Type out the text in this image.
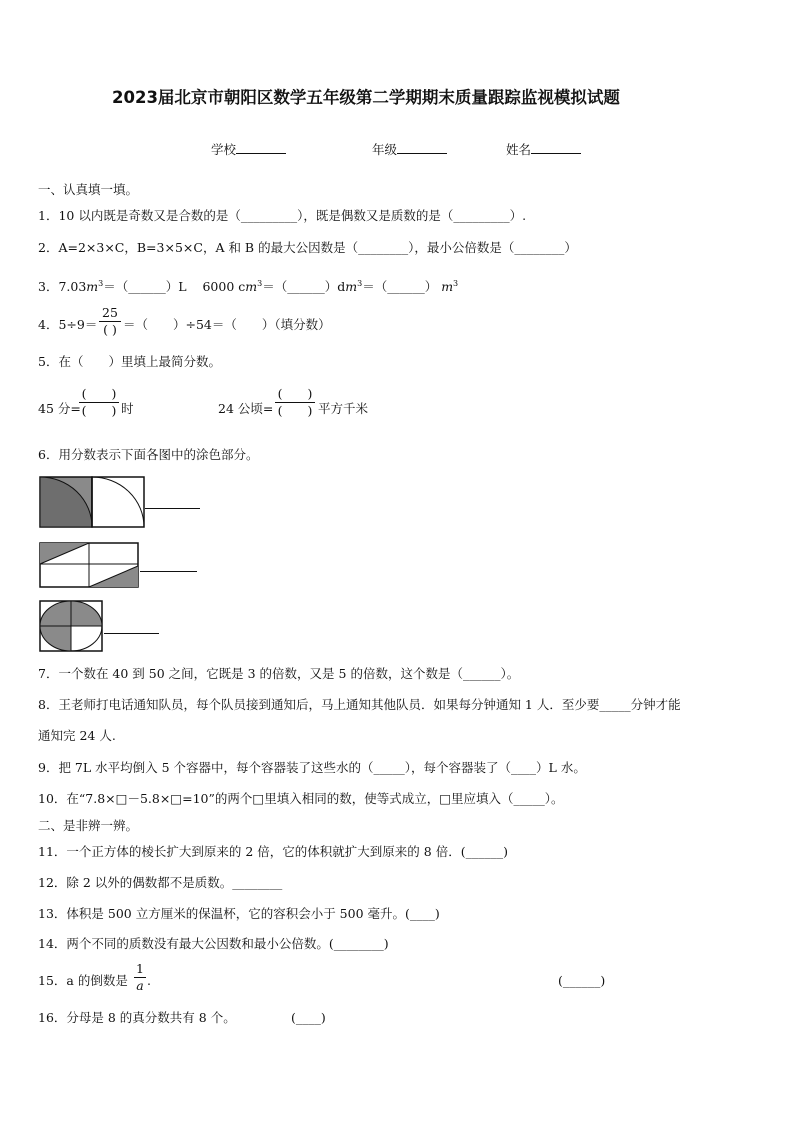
2023届北京市朝阳区数学五年级第二学期期末质量跟踪监视模拟试题
学校	年级	姓名
一、认真填一填。
1．10 以内既是奇数又是合数的是（_________），既是偶数又是质数的是（_________）.
2．A=2×3×C，B=3×5×C，A 和 B 的最大公因数是（________），最小公倍数是（________）
3．$7.03m^3=(\_\_\_\_\_\_)L$ 6000 $cm^3=(\_\_\_\_\_\_)dm^3=(\_\_\_\_\_\_)$ $m^3$
4．5÷9＝
25
( ) ＝（　　）÷54＝（　　）（填分数）
5．在（　　）里填上最简分数。
45 分=
(　　)
(　　) 时	24 公顷=
(　　)
(　　) 平方千米
6．用分数表示下面各图中的涂色部分。
7．一个数在 40 到 50 之间，它既是 3 的倍数，又是 5 的倍数，这个数是（______）。
8．王老师打电话通知队员，每个队员接到通知后，马上通知其他队员．如果每分钟通知 1 人．至少要_____分钟才能
通知完 24 人.
9．把 7L 水平均倒入 5 个容器中，每个容器装了这些水的（_____），每个容器装了（____）L 水。
10．在“7.8×□－5.8×□=10”的两个□里填入相同的数，使等式成立，□里应填入（_____）。
二、是非辨一辨。
11．一个正方体的棱长扩大到原来的 2 倍，它的体积就扩大到原来的 8 倍．(______)
12．除 2 以外的偶数都不是质数。________
13．体积是 500 立方厘米的保温杯，它的容积会小于 500 毫升。(____)
14．两个不同的质数没有最大公因数和最小公倍数。(________)
15．a 的倒数是
1
a .	(______)
16．分母是 8 的真分数共有 8 个。	(____)
